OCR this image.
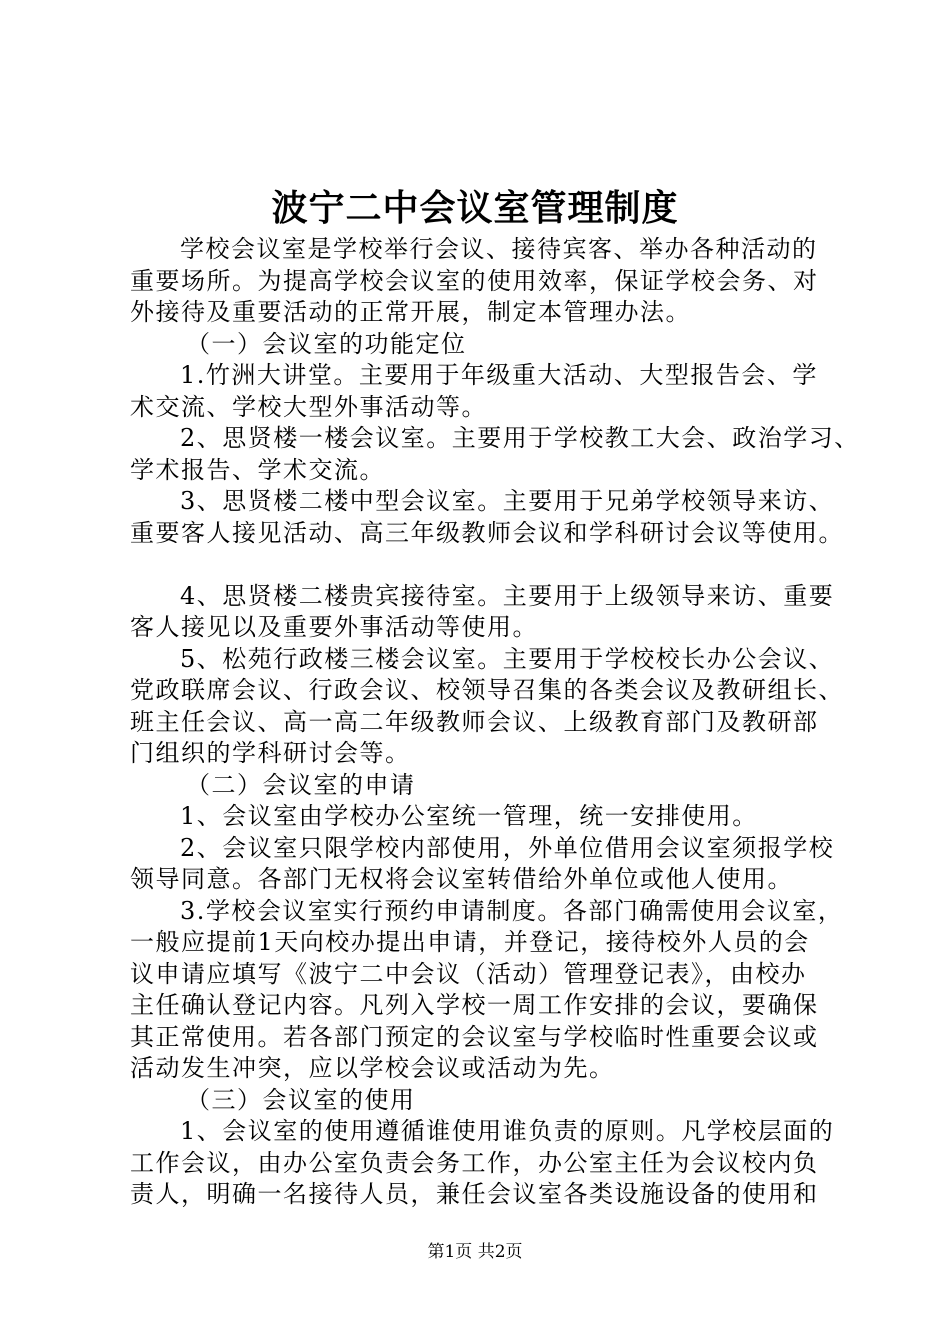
波宁二中会议室管理制度
学校会议室是学校举行会议、接待宾客、举办各种活动的
重要场所。为提高学校会议室的使用效率，保证学校会务、对
外接待及重要活动的正常开展，制定本管理办法。
（一）会议室的功能定位
1.竹洲大讲堂。主要用于年级重大活动、大型报告会、学
术交流、学校大型外事活动等。
2、思贤楼一楼会议室。主要用于学校教工大会、政治学习、
学术报告、学术交流。
3、思贤楼二楼中型会议室。主要用于兄弟学校领导来访、
重要客人接见活动、高三年级教师会议和学科研讨会议等使用。
4、思贤楼二楼贵宾接待室。主要用于上级领导来访、重要
客人接见以及重要外事活动等使用。
5、松苑行政楼三楼会议室。主要用于学校校长办公会议、
党政联席会议、行政会议、校领导召集的各类会议及教研组长、
班主任会议、高一高二年级教师会议、上级教育部门及教研部
门组织的学科研讨会等。
（二）会议室的申请
1、会议室由学校办公室统一管理，统一安排使用。
2、会议室只限学校内部使用，外单位借用会议室须报学校
领导同意。各部门无权将会议室转借给外单位或他人使用。
3.学校会议室实行预约申请制度。各部门确需使用会议室，
一般应提前1天向校办提出申请，并登记，接待校外人员的会
议申请应填写《波宁二中会议（活动）管理登记表》，由校办
主任确认登记内容。凡列入学校一周工作安排的会议，要确保
其正常使用。若各部门预定的会议室与学校临时性重要会议或
活动发生冲突，应以学校会议或活动为先。
（三）会议室的使用
1、会议室的使用遵循谁使用谁负责的原则。凡学校层面的
工作会议，由办公室负责会务工作，办公室主任为会议校内负
责人，明确一名接待人员，兼任会议室各类设施设备的使用和
第1页 共2页
